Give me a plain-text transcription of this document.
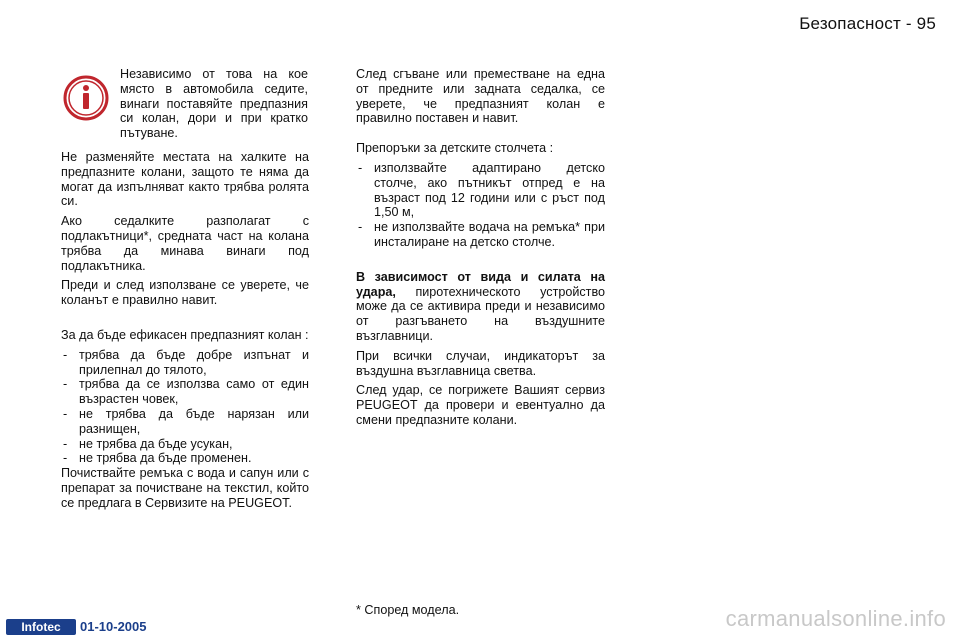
Безопасност - 95

Независимо от това на кое място в автомобила седите, винаги поставяйте предпазния си колан, дори и при кратко пътуване.

Не разменяйте местата на халките на предпазните колани, защото те няма да могат да изпълняват както трябва ролята си.

Ако седалките разполагат с подлакътници*, средната част на колана трябва да минава винаги под подлакътника.

Преди и след използване се уверете, че коланът е правилно навит.

За да бъде ефикасен предпазният колан :

- трябва да бъде добре изпънат и прилепнал до тялото,
- трябва да се използва само от един възрастен човек,
- не трябва да бъде нарязан или разнищен,
- не трябва да бъде усукан,
- не трябва да бъде променен.

Почиствайте ремъка с вода и сапун или с препарат за почистване на текстил, който се предлага в Сервизите на PEUGEOT.

След сгъване или преместване на една от предните или задната седалка, се уверете, че предпазният колан е правилно поставен и навит.

Препоръки за детските столчета :

- използвайте адаптирано детско столче, ако пътникът отпред е на възраст под 12 години или с ръст под 1,50 м,
- не използвайте водача на ремъка* при инсталиране на детско столче.

В зависимост от вида и силата на удара, пиротехническото устройство може да се активира преди и независимо от разгъването на въздушните възглавници.

При всички случаи, индикаторът за въздушна възглавница светва.

След удар, се погрижете Вашият сервиз PEUGEOT да провери и евентуално да смени предпазните колани.

* Според модела.
Infotec	01-10-2005	carmanualsonline.info
